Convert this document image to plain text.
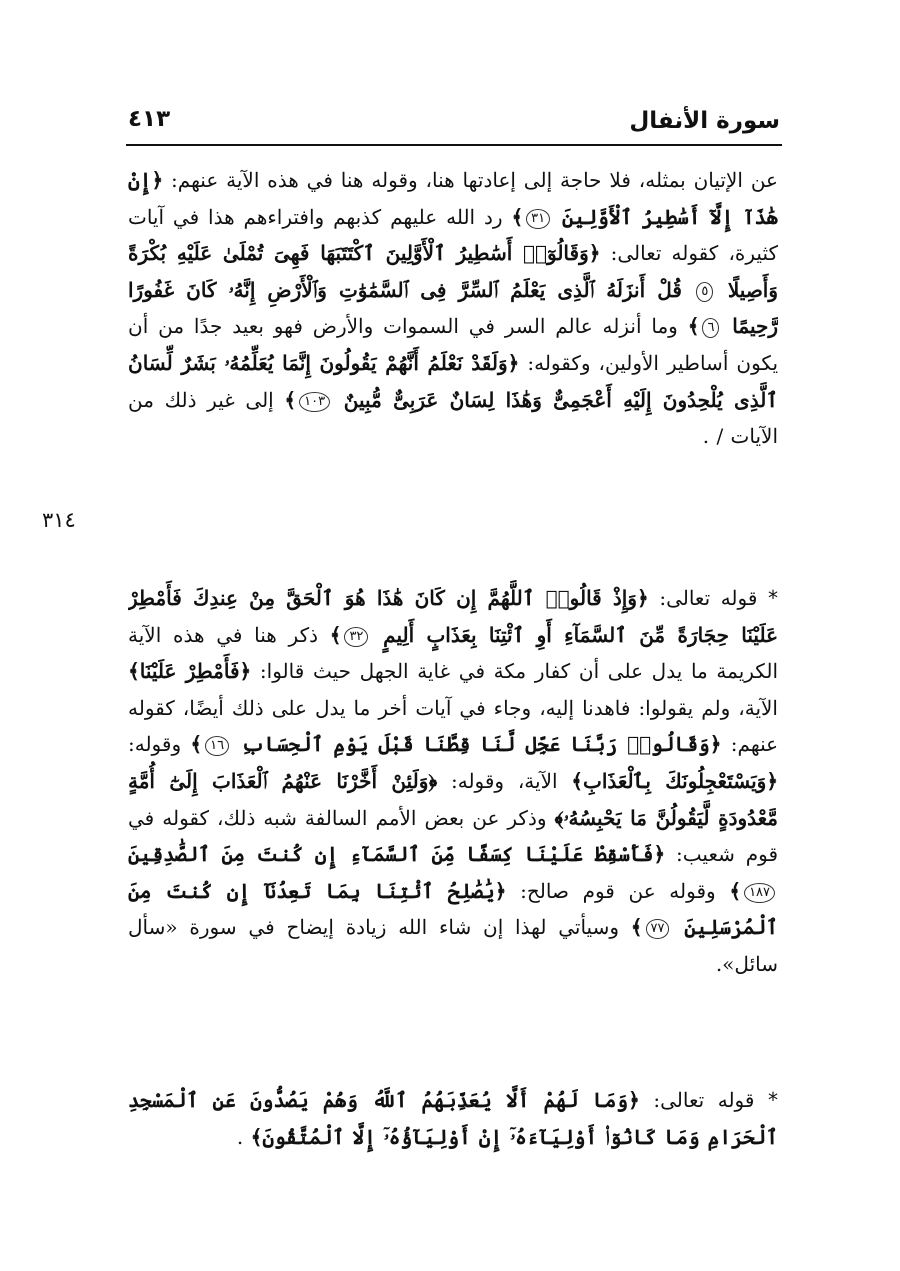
سورة الأنفال
٤١٣
٣١٤

عن الإتيان بمثله، فلا حاجة إلى إعادتها هنا، وقوله هنا في هذه الآية عنهم: ﴿إِنْ هَٰذَآ إِلَّآ أَسَٰطِيرُ ٱلْأَوَّلِينَ ٣١﴾ رد الله عليهم كذبهم وافتراءهم هذا في آيات كثيرة، كقوله تعالى: ﴿وَقَالُوٓا۟ أَسَٰطِيرُ ٱلْأَوَّلِينَ ٱكْتَتَبَهَا فَهِىَ تُمْلَىٰ عَلَيْهِ بُكْرَةً وَأَصِيلًا ٥ قُلْ أَنزَلَهُ ٱلَّذِى يَعْلَمُ ٱلسِّرَّ فِى ٱلسَّمَٰوَٰتِ وَٱلْأَرْضِ إِنَّهُۥ كَانَ غَفُورًا رَّحِيمًا ٦﴾ وما أنزله عالم السر في السموات والأرض فهو بعيد جدًا من أن يكون أساطير الأولين، وكقوله: ﴿وَلَقَدْ نَعْلَمُ أَنَّهُمْ يَقُولُونَ إِنَّمَا يُعَلِّمُهُۥ بَشَرٌ لِّسَانُ ٱلَّذِى يُلْحِدُونَ إِلَيْهِ أَعْجَمِىٌّ وَهَٰذَا لِسَانٌ عَرَبِىٌّ مُّبِينٌ ١٠٣﴾ إلى غير ذلك من الآيات / .

* قوله تعالى: ﴿وَإِذْ قَالُوا۟ ٱللَّهُمَّ إِن كَانَ هَٰذَا هُوَ ٱلْحَقَّ مِنْ عِندِكَ فَأَمْطِرْ عَلَيْنَا حِجَارَةً مِّنَ ٱلسَّمَآءِ أَوِ ٱئْتِنَا بِعَذَابٍ أَلِيمٍ ٣٢﴾ ذكر هنا في هذه الآية الكريمة ما يدل على أن كفار مكة في غاية الجهل حيث قالوا: ﴿فَأَمْطِرْ عَلَيْنَا﴾ الآية، ولم يقولوا: فاهدنا إليه، وجاء في آيات أخر ما يدل على ذلك أيضًا، كقوله عنهم: ﴿وَقَالُوا۟ رَبَّنَا عَجِّل لَّنَا قِطَّنَا قَبْلَ يَوْمِ ٱلْحِسَابِ ١٦﴾ وقوله: ﴿وَيَسْتَعْجِلُونَكَ بِٱلْعَذَابِ﴾ الآية، وقوله: ﴿وَلَئِنْ أَخَّرْنَا عَنْهُمُ ٱلْعَذَابَ إِلَىٰٓ أُمَّةٍ مَّعْدُودَةٍ لَّيَقُولُنَّ مَا يَحْبِسُهُۥ﴾ وذكر عن بعض الأمم السالفة شبه ذلك، كقوله في قوم شعيب: ﴿فَأَسْقِطْ عَلَيْنَا كِسَفًا مِّنَ ٱلسَّمَآءِ إِن كُنتَ مِنَ ٱلصَّٰدِقِينَ ١٨٧﴾ وقوله عن قوم صالح: ﴿يَٰصَٰلِحُ ٱئْتِنَا بِمَا تَعِدُنَآ إِن كُنتَ مِنَ ٱلْمُرْسَلِينَ ٧٧﴾ وسيأتي لهذا إن شاء الله زيادة إيضاح في سورة «سأل سائل».

* قوله تعالى: ﴿وَمَا لَهُمْ أَلَّا يُعَذِّبَهُمُ ٱللَّهُ وَهُمْ يَصُدُّونَ عَنِ ٱلْمَسْجِدِ ٱلْحَرَامِ وَمَا كَانُوٓا۟ أَوْلِيَآءَهُۥٓ إِنْ أَوْلِيَآؤُهُۥٓ إِلَّا ٱلْمُتَّقُونَ﴾ .
